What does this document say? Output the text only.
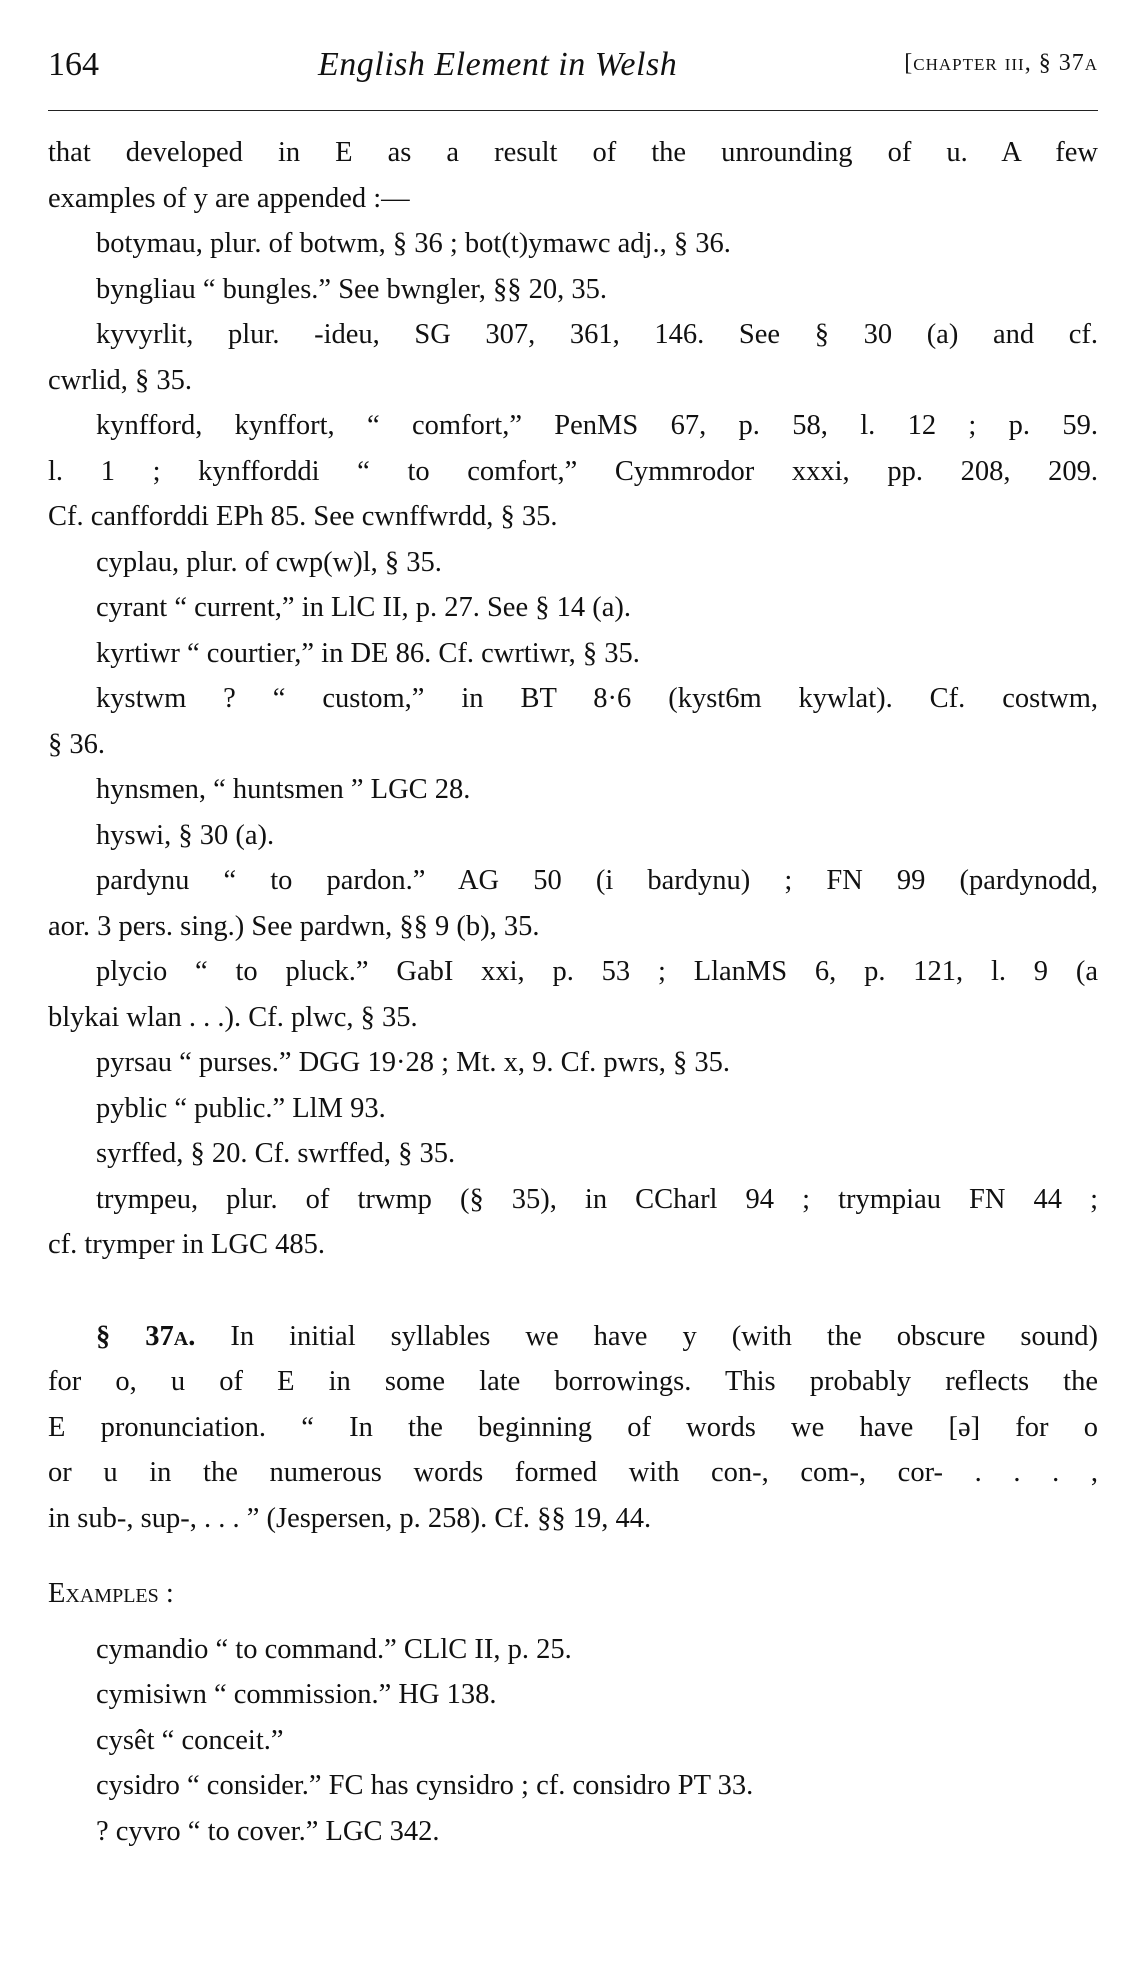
164	English Element in Welsh	[chapter iii, § 37a
that developed in E as a result of the unrounding of u. A few
examples of y are appended :—
botymau, plur. of botwm, § 36 ; bot(t)ymawc adj., § 36.
byngliau “ bungles.” See bwngler, §§ 20, 35.
kyvyrlit, plur. -ideu, SG 307, 361, 146. See § 30 (a) and cf.
cwrlid, § 35.
kynfford, kynffort, “ comfort,” PenMS 67, p. 58, l. 12 ; p. 59.
l. 1 ; kynfforddi “ to comfort,” Cymmrodor xxxi, pp. 208, 209.
Cf. canfforddi EPh 85. See cwnffwrdd, § 35.
cyplau, plur. of cwp(w)l, § 35.
cyrant “ current,” in LlC II, p. 27. See § 14 (a).
kyrtiwr “ courtier,” in DE 86. Cf. cwrtiwr, § 35.
kystwm ? “ custom,” in BT 8·6 (kyst6m kywlat). Cf. costwm,
§ 36.
hynsmen, “ huntsmen ” LGC 28.
hyswi, § 30 (a).
pardynu “ to pardon.” AG 50 (i bardynu) ; FN 99 (pardynodd,
aor. 3 pers. sing.) See pardwn, §§ 9 (b), 35.
plycio “ to pluck.” GabI xxi, p. 53 ; LlanMS 6, p. 121, l. 9 (a
blykai wlan . . .). Cf. plwc, § 35.
pyrsau “ purses.” DGG 19·28 ; Mt. x, 9. Cf. pwrs, § 35.
pyblic “ public.” LlM 93.
syrffed, § 20. Cf. swrffed, § 35.
trympeu, plur. of trwmp (§ 35), in CCharl 94 ; trympiau FN 44 ;
cf. trymper in LGC 485.
§ 37a. In initial syllables we have y (with the obscure sound)
for o, u of E in some late borrowings. This probably reflects the
E pronunciation. “ In the beginning of words we have [ə] for o
or u in the numerous words formed with con-, com-, cor- . . . ,
in sub-, sup-, . . . ” (Jespersen, p. 258). Cf. §§ 19, 44.
Examples :
cymandio “ to command.” CLlC II, p. 25.
cymisiwn “ commission.” HG 138.
cysêt “ conceit.”
cysidro “ consider.” FC has cynsidro ; cf. considro PT 33.
? cyvro “ to cover.” LGC 342.
